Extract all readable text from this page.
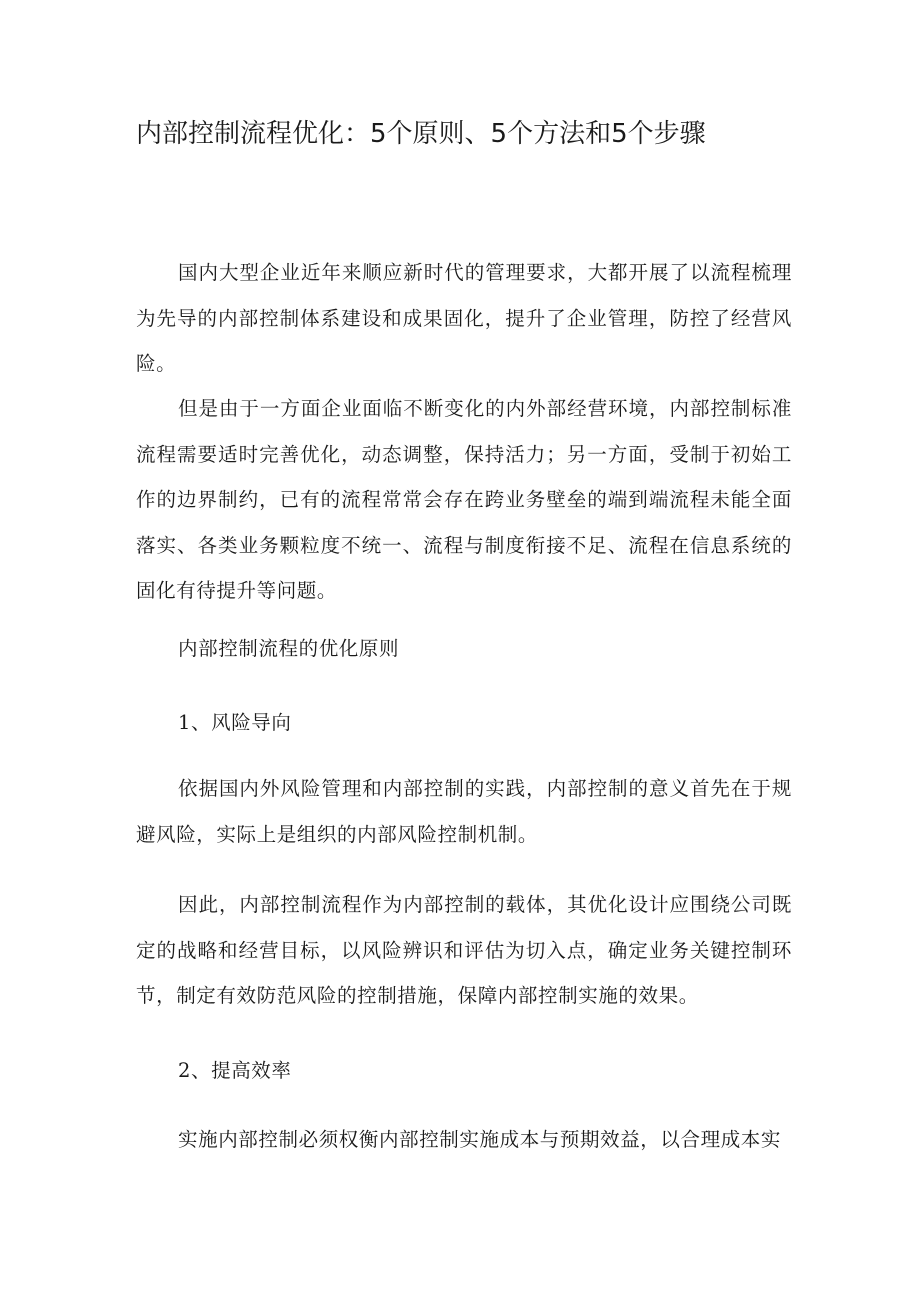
内部控制流程优化：5个原则、5个方法和5个步骤

国内大型企业近年来顺应新时代的管理要求，大都开展了以流程梳理为先导的内部控制体系建设和成果固化，提升了企业管理，防控了经营风险。

但是由于一方面企业面临不断变化的内外部经营环境，内部控制标准流程需要适时完善优化，动态调整，保持活力；另一方面，受制于初始工作的边界制约，已有的流程常常会存在跨业务壁垒的端到端流程未能全面落实、各类业务颗粒度不统一、流程与制度衔接不足、流程在信息系统的固化有待提升等问题。

内部控制流程的优化原则
1、风险导向

依据国内外风险管理和内部控制的实践，内部控制的意义首先在于规避风险，实际上是组织的内部风险控制机制。

因此，内部控制流程作为内部控制的载体，其优化设计应围绕公司既定的战略和经营目标，以风险辨识和评估为切入点，确定业务关键控制环节，制定有效防范风险的控制措施，保障内部控制实施的效果。

2、提高效率

实施内部控制必须权衡内部控制实施成本与预期效益，以合理成本实
